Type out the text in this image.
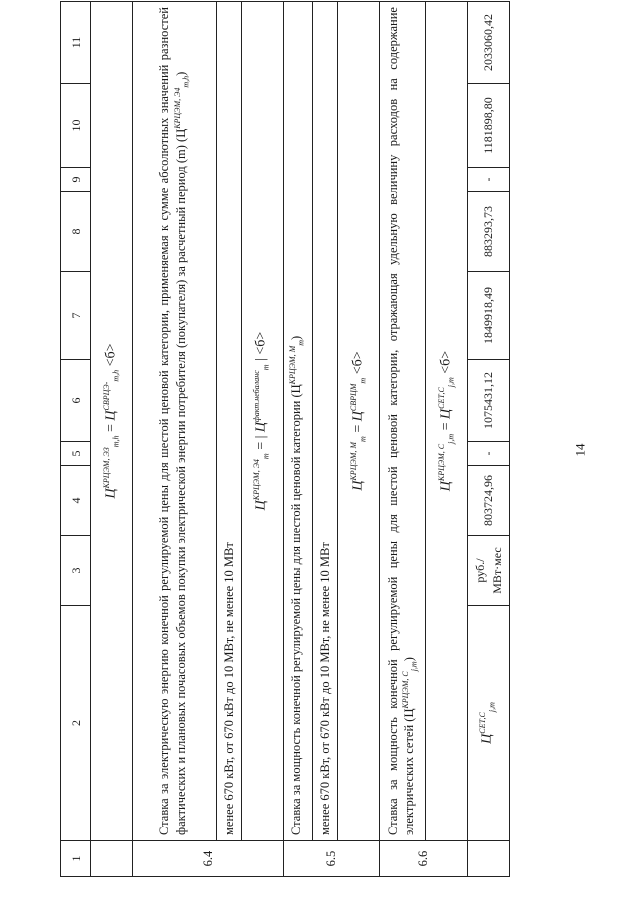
1	2	3	4	5	6	7	8	9	10	11
	$Ц^{КРЦЭМ, Э3}_{m,h} = Ц^{СВРЦЭ-}_{m,h} <б>$									
6.4	Ставка за электрическую энергию конечной регулируемой цены для шестой ценовой категории, применяемая к сумме абсолютных значений разностей фактических и плановых почасовых объемов покупки электрической энергии потребителя (покупателя) за расчетный период (m) $(Ц^{КРЦЭМ, Э4}_{m,h})$									
	менее 670 кВт, от 670 кВт до 10 МВт, не менее 10 МВт									
	$Ц^{КРЦЭМ, Э4}_m$ = | $Ц^{факт.небаланс}_m$ | <б>									
6.5	Ставка за мощность конечной регулируемой цены для шестой ценовой категории $(Ц^{КРЦЭМ, М}_m)$									
	менее 670 кВт, от 670 кВт до 10 МВт, не менее 10 МВт									
	$Ц^{КРЦЭМ, М}_m = Ц^{СВРЦМ}_m <б>$									
6.6	Ставка за мощность конечной регулируемой цены для шестой ценовой категории, отражающая удельную величину расходов на содержание электрических сетей $(Ц^{КРЦЭМ, С}_{j,m})$									
	$Ц^{КРЦЭМ, С}_{j,m} = Ц^{СЕТ,С}_{j,m} <б>$									
	$Ц^{СЕТ,С}_{j,m}$	руб./ МВт·мес	803724,96	-	1075431,12	1849918,49	883293,73	-	1181898,80	2033060,42
14
